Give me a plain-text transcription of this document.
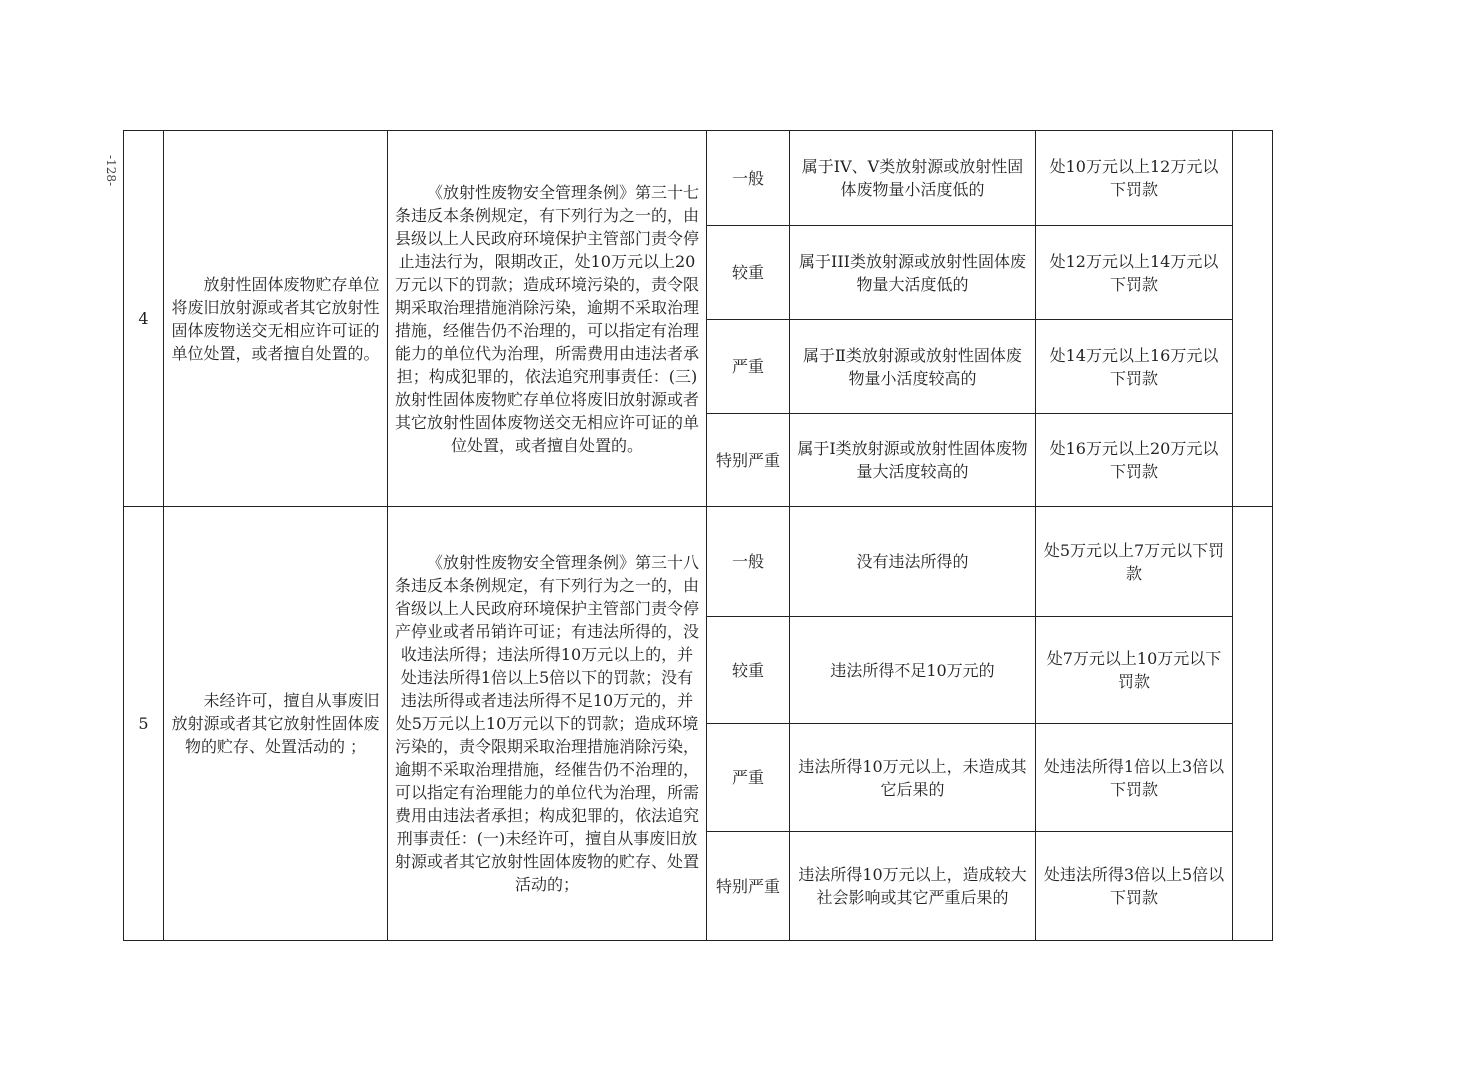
-128-
4	放射性固体废物贮存单位将废旧放射源或者其它放射性固体废物送交无相应许可证的单位处置，或者擅自处置的。	《放射性废物安全管理条例》第三十七条违反本条例规定，有下列行为之一的，由县级以上人民政府环境保护主管部门责令停止违法行为，限期改正，处10万元以上20万元以下的罚款；造成环境污染的，责令限期采取治理措施消除污染，逾期不采取治理措施，经催告仍不治理的，可以指定有治理能力的单位代为治理，所需费用由违法者承担；构成犯罪的，依法追究刑事责任：(三)放射性固体废物贮存单位将废旧放射源或者其它放射性固体废物送交无相应许可证的单位处置，或者擅自处置的。	一般	属于IV、V类放射源或放射性固体废物量小活度低的	处10万元以上12万元以下罚款	
			较重	属于III类放射源或放射性固体废物量大活度低的	处12万元以上14万元以下罚款	
			严重	属于Ⅱ类放射源或放射性固体废物量小活度较高的	处14万元以上16万元以下罚款	
			特别严重	属于I类放射源或放射性固体废物量大活度较高的	处16万元以上20万元以下罚款	
5	未经许可，擅自从事废旧放射源或者其它放射性固体废物的贮存、处置活动的 ；	《放射性废物安全管理条例》第三十八条违反本条例规定，有下列行为之一的，由省级以上人民政府环境保护主管部门责令停产停业或者吊销许可证；有违法所得的，没收违法所得；违法所得10万元以上的，并处违法所得1倍以上5倍以下的罚款；没有违法所得或者违法所得不足10万元的，并处5万元以上10万元以下的罚款；造成环境污染的，责令限期采取治理措施消除污染，逾期不采取治理措施，经催告仍不治理的，可以指定有治理能力的单位代为治理，所需费用由违法者承担；构成犯罪的，依法追究刑事责任：(一)未经许可，擅自从事废旧放射源或者其它放射性固体废物的贮存、处置活动的；	一般	没有违法所得的	处5万元以上7万元以下罚款	
			较重	违法所得不足10万元的	处7万元以上10万元以下罚款	
			严重	违法所得10万元以上，未造成其它后果的	处违法所得1倍以上3倍以下罚款	
			特别严重	违法所得10万元以上，造成较大社会影响或其它严重后果的	处违法所得3倍以上5倍以下罚款	
